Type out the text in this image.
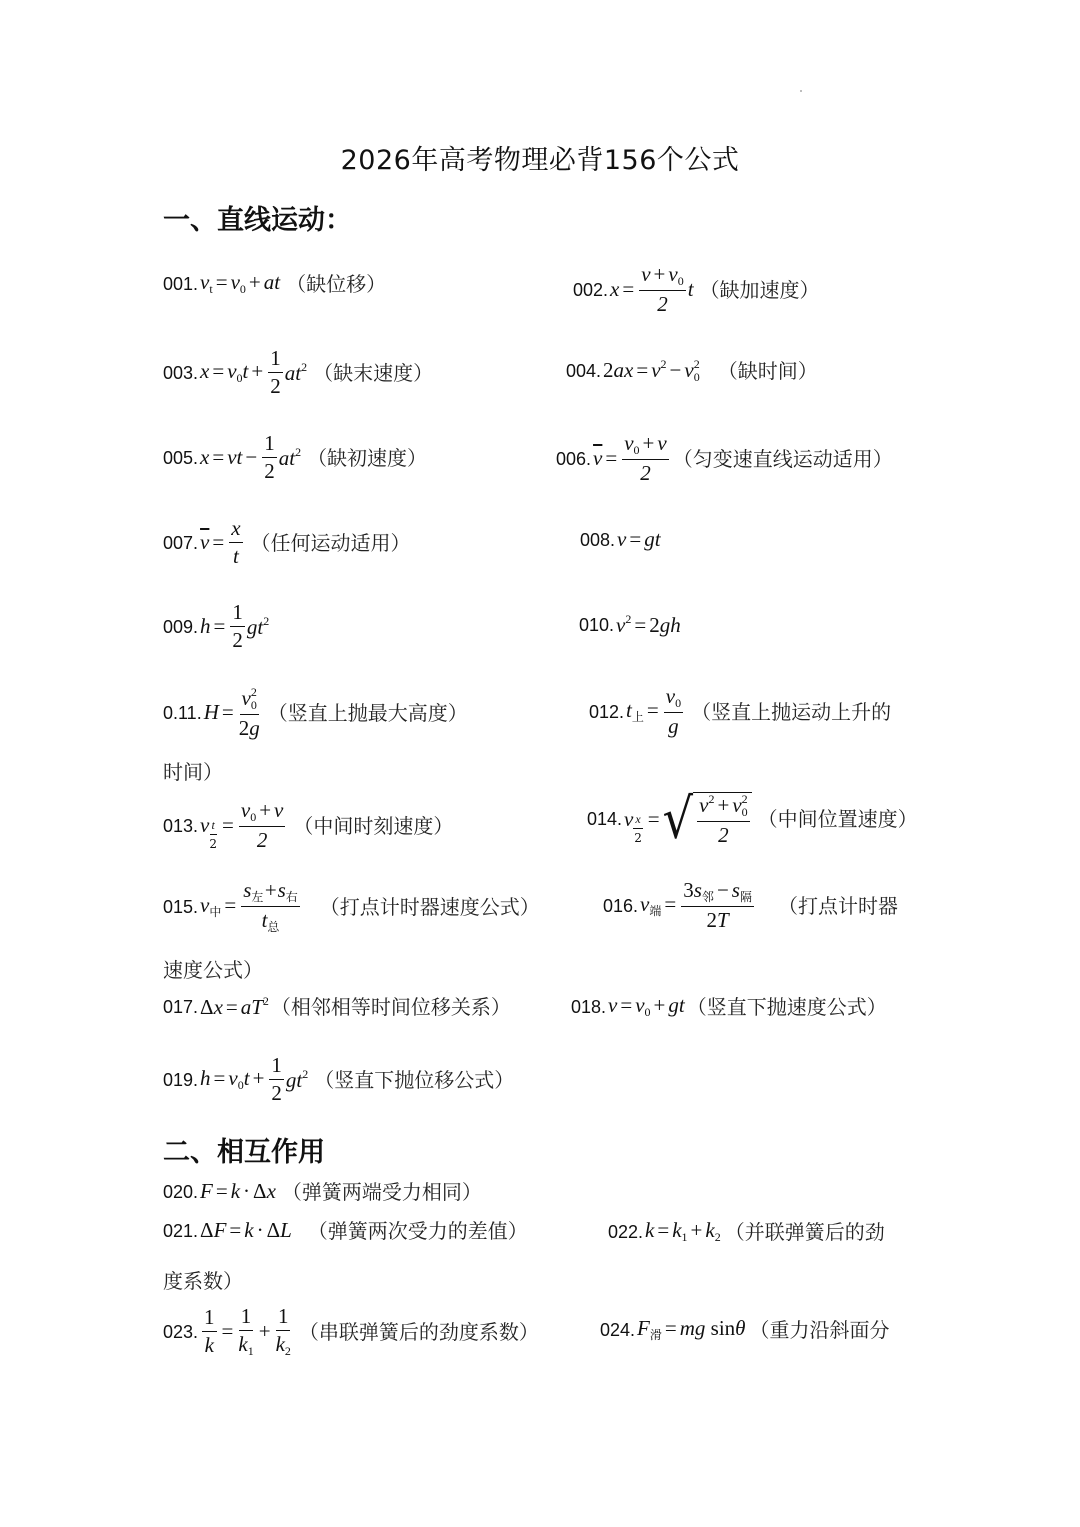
2026年高考物理必背156个公式
一、直线运动：
001. $v_t = v_0$ + at （缺位移）	002. $x = \frac{v + v_0}{2}$ t （缺加速度）
003. $x = v_0t + \frac{1}{2} at^2$ （缺末速度）	004. $2ax = v^2 - v_0^2$ （缺时间）
005. x = vt − $\frac{1}{2} at^2$ （缺初速度）	006. $\overline{v} = \frac{v_0 + v}{2}$ （匀变速直线运动适用）
007. $\overline{v} = \frac{x}{t}$ （任何运动适用）	008. v = gt
009. $h = \frac{1}{2} gt^2$	010. $v^2 = 2gh$
0.11. $H = \frac{v_0^2}{2g}$ （竖直上抛最大高度）	012. $t_上 = \frac{v_0}{g}$ （竖直上抛运动上升的
时间）
013. v $\frac{t}{2} = \frac{v_0 + v}{2}$ （中间时刻速度）	014. v $\frac{x}{2}$ = √ $\frac{v^2 + v_0^2}{2}$ （中间位置速度）
015. $v_中 = \frac{s_左+s_右}{t_总}$ （打点计时器速度公式）	016. $v_端 = \frac{3s_邻 - s_隔}{2T}$ （打点计时器
速度公式）
017. $\Delta x = aT^2$ （相邻相等时间位移关系）	018. $v = v_0$ + gt （竖直下抛速度公式）
019. $h = v_0t + \frac{1}{2} gt^2$ （竖直下抛位移公式）
二、相互作用
020. F = k · Δx （弹簧两端受力相同）
021. ΔF = k · ΔL （弹簧两次受力的差值）	022. $k = k_1 + k_2$ （并联弹簧后的劲
度系数）
023. $\frac{1}{k} = \frac{1}{k_1} + \frac{1}{k_2}$ （串联弹簧后的劲度系数）	024. $F_滑$ = mg sinθ （重力沿斜面分
